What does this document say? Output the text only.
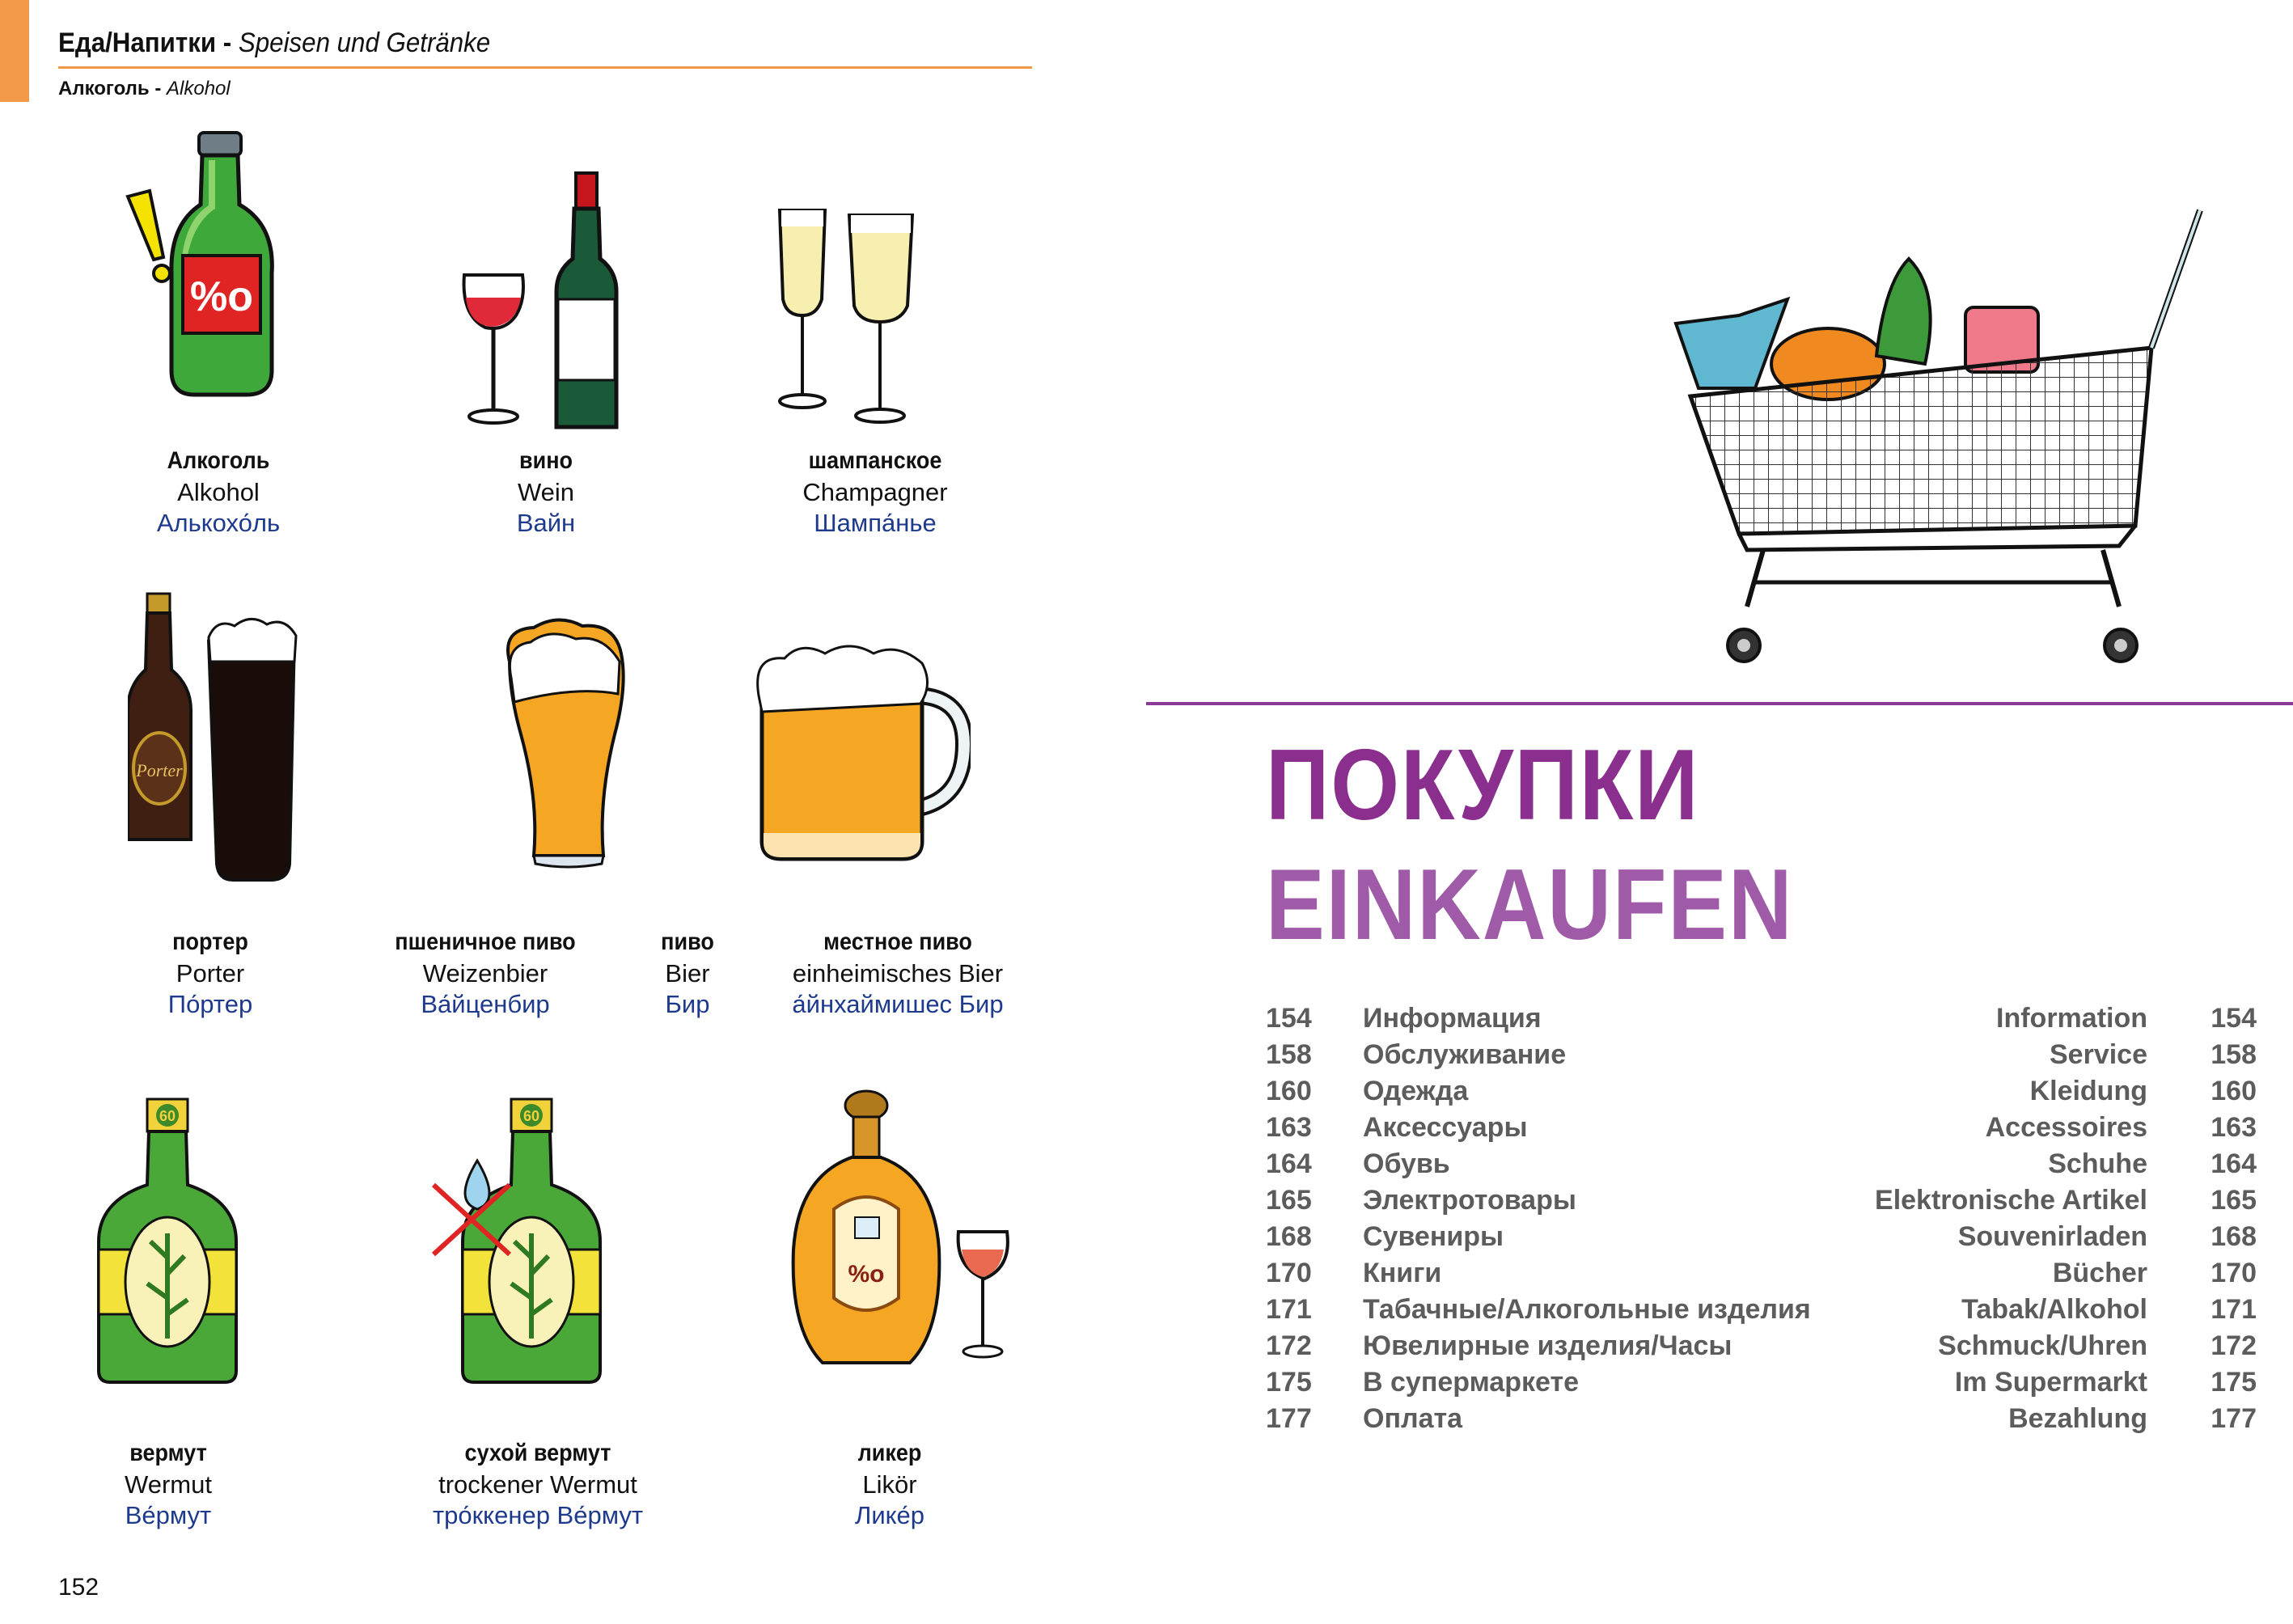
Еда/Напитки - Speisen und Getränke
Алкоголь - Alkohol
%o
Porter
60	60
%o
Алкоголь
Alkohol
Алькохо́ль
вино
Wein
Вайн
шампанское
Champagner
Шампа́нье
портер
Porter
По́ртер
пшеничное пиво
Weizenbier
Ва́йценбир
пиво
Bier
Бир
местное пиво
einheimisches Bier
а́йнхаймишес Бир
вермут
Wermut
Ве́рмут
сухой вермут
trockener Wermut
тро́ккенер Ве́рмут
ликер
Likör
Лике́р
152
ПОКУПКИ
EINKAUFEN
154 Информация	Information 154
158 Обслуживание	Service 158
160 Одежда	Kleidung 160
163 Аксессуары	Accessoires 163
164 Обувь	Schuhe 164
165 Электротовары	Elektronische Artikel 165
168 Сувениры	Souvenirladen 168
170 Книги	Bücher 170
171 Табачные/Алкогольные изделия	Tabak/Alkohol 171
172 Ювелирные изделия/Часы	Schmuck/Uhren 172
175 В супермаркете	Im Supermarkt 175
177 Оплата	Bezahlung 177
